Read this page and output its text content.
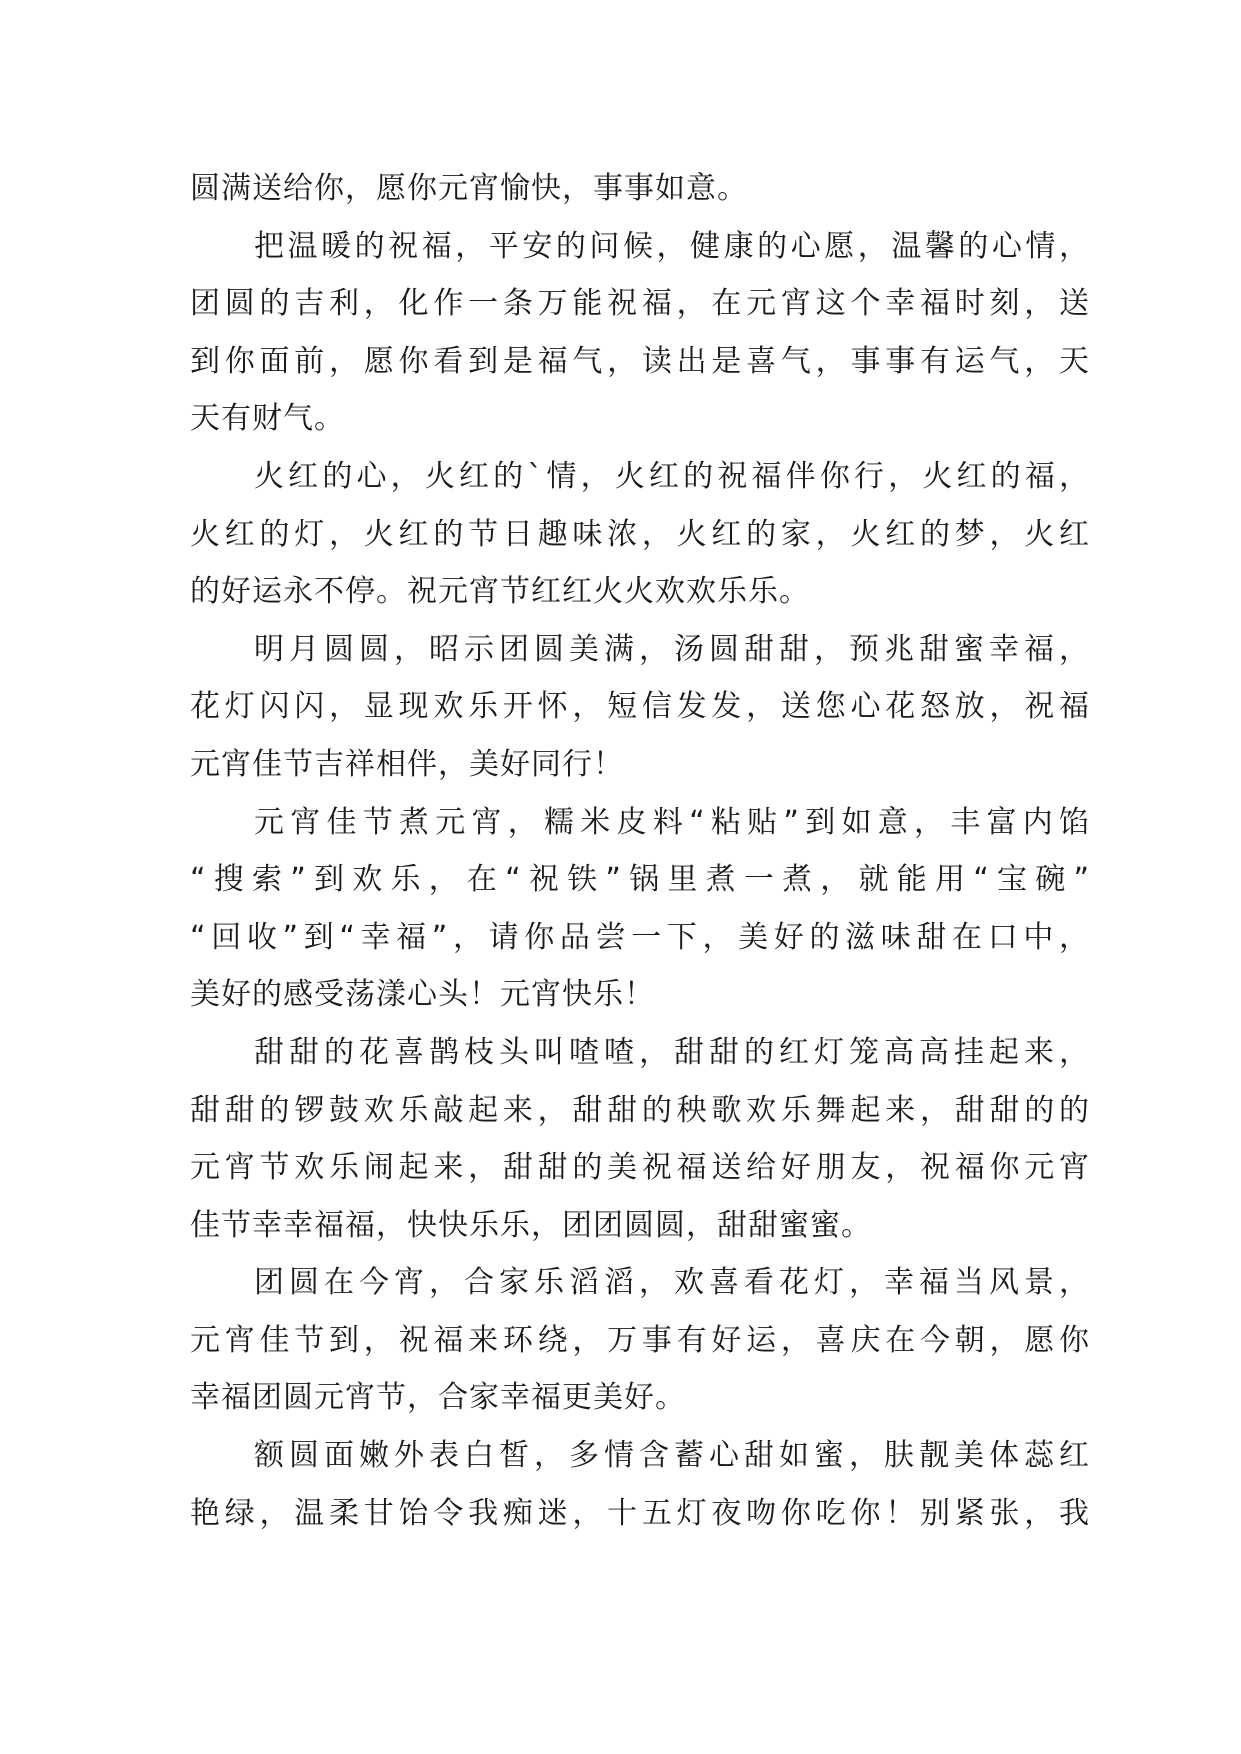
圆满送给你，愿你元宵愉快，事事如意。
把温暖的祝福，平安的问候，健康的心愿，温馨的心情，
团圆的吉利，化作一条万能祝福，在元宵这个幸福时刻，送
到你面前，愿你看到是福气，读出是喜气，事事有运气，天
天有财气。
火红的心，火红的`情，火红的祝福伴你行，火红的福，
火红的灯，火红的节日趣味浓，火红的家，火红的梦，火红
的好运永不停。祝元宵节红红火火欢欢乐乐。
明月圆圆，昭示团圆美满，汤圆甜甜，预兆甜蜜幸福，
花灯闪闪，显现欢乐开怀，短信发发，送您心花怒放，祝福
元宵佳节吉祥相伴，美好同行！
元宵佳节煮元宵，糯米皮料“粘贴”到如意，丰富内馅
“搜索”到欢乐，在“祝铁”锅里煮一煮，就能用“宝碗”
“回收”到“幸福”，请你品尝一下，美好的滋味甜在口中，
美好的感受荡漾心头！元宵快乐！
甜甜的花喜鹊枝头叫喳喳，甜甜的红灯笼高高挂起来，
甜甜的锣鼓欢乐敲起来，甜甜的秧歌欢乐舞起来，甜甜的的
元宵节欢乐闹起来，甜甜的美祝福送给好朋友，祝福你元宵
佳节幸幸福福，快快乐乐，团团圆圆，甜甜蜜蜜。
团圆在今宵，合家乐滔滔，欢喜看花灯，幸福当风景，
元宵佳节到，祝福来环绕，万事有好运，喜庆在今朝，愿你
幸福团圆元宵节，合家幸福更美好。
额圆面嫩外表白皙，多情含蓄心甜如蜜，肤靓美体蕊红
艳绿，温柔甘饴令我痴迷，十五灯夜吻你吃你！别紧张，我
